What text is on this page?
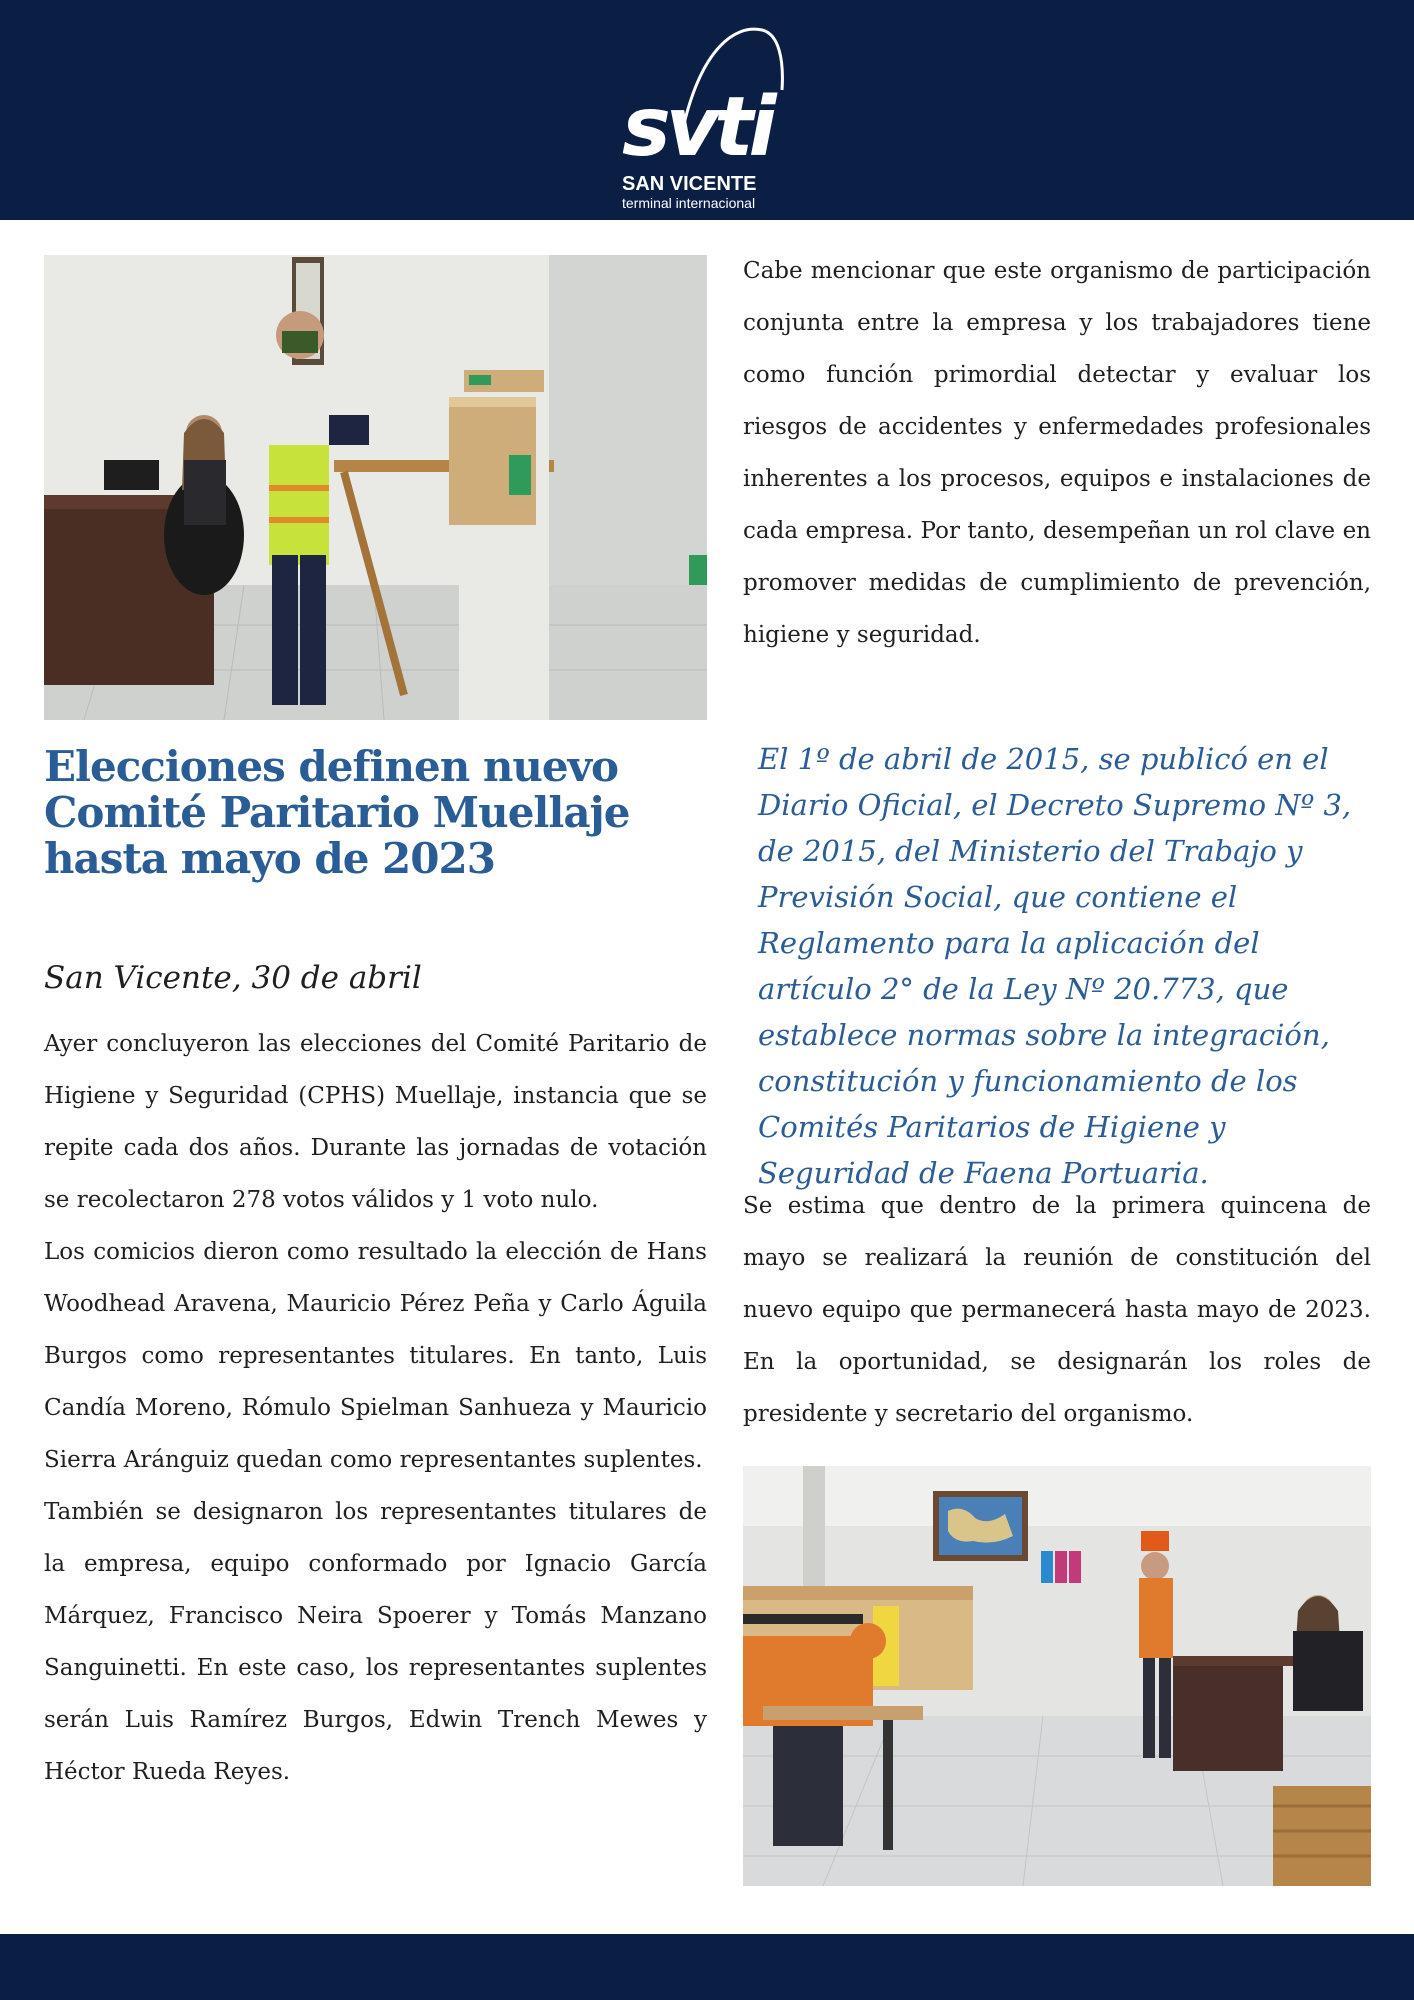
svti
SAN VICENTE
terminal internacional
Elecciones definen nuevo Comité Paritario Muellaje hasta mayo de 2023

San Vicente, 30 de abril

Ayer concluyeron las elecciones del Comité Paritario de Higiene y Seguridad (CPHS) Muellaje, instancia que se repite cada dos años. Durante las jornadas de votación se recolectaron 278 votos válidos y 1 voto nulo.

Los comicios dieron como resultado la elección de Hans Woodhead Aravena, Mauricio Pérez Peña y Carlo Águila Burgos como representantes titulares. En tanto, Luis Candía Moreno, Rómulo Spielman Sanhueza y Mauricio Sierra Aránguiz quedan como representantes suplentes.

También se designaron los representantes titulares de la empresa, equipo conformado por Ignacio García Márquez, Francisco Neira Spoerer y Tomás Manzano Sanguinetti. En este caso, los representantes suplentes serán Luis Ramírez Burgos, Edwin Trench Mewes y Héctor Rueda Reyes.

Cabe mencionar que este organismo de participación conjunta entre la empresa y los trabajadores tiene como función primordial detectar y evaluar los riesgos de accidentes y enfermedades profesionales inherentes a los procesos, equipos e instalaciones de cada empresa. Por tanto, desempeñan un rol clave en promover medidas de cumplimiento de prevención, higiene y seguridad.

El 1º de abril de 2015, se publicó en el Diario Oficial, el Decreto Supremo Nº 3, de 2015, del Ministerio del Trabajo y Previsión Social, que contiene el Reglamento para la aplicación del artículo 2° de la Ley Nº 20.773, que establece normas sobre la integración, constitución y funcionamiento de los Comités Paritarios de Higiene y Seguridad de Faena Portuaria.

Se estima que dentro de la primera quincena de mayo se realizará la reunión de constitución del nuevo equipo que permanecerá hasta mayo de 2023. En la oportunidad, se designarán los roles de presidente y secretario del organismo.
